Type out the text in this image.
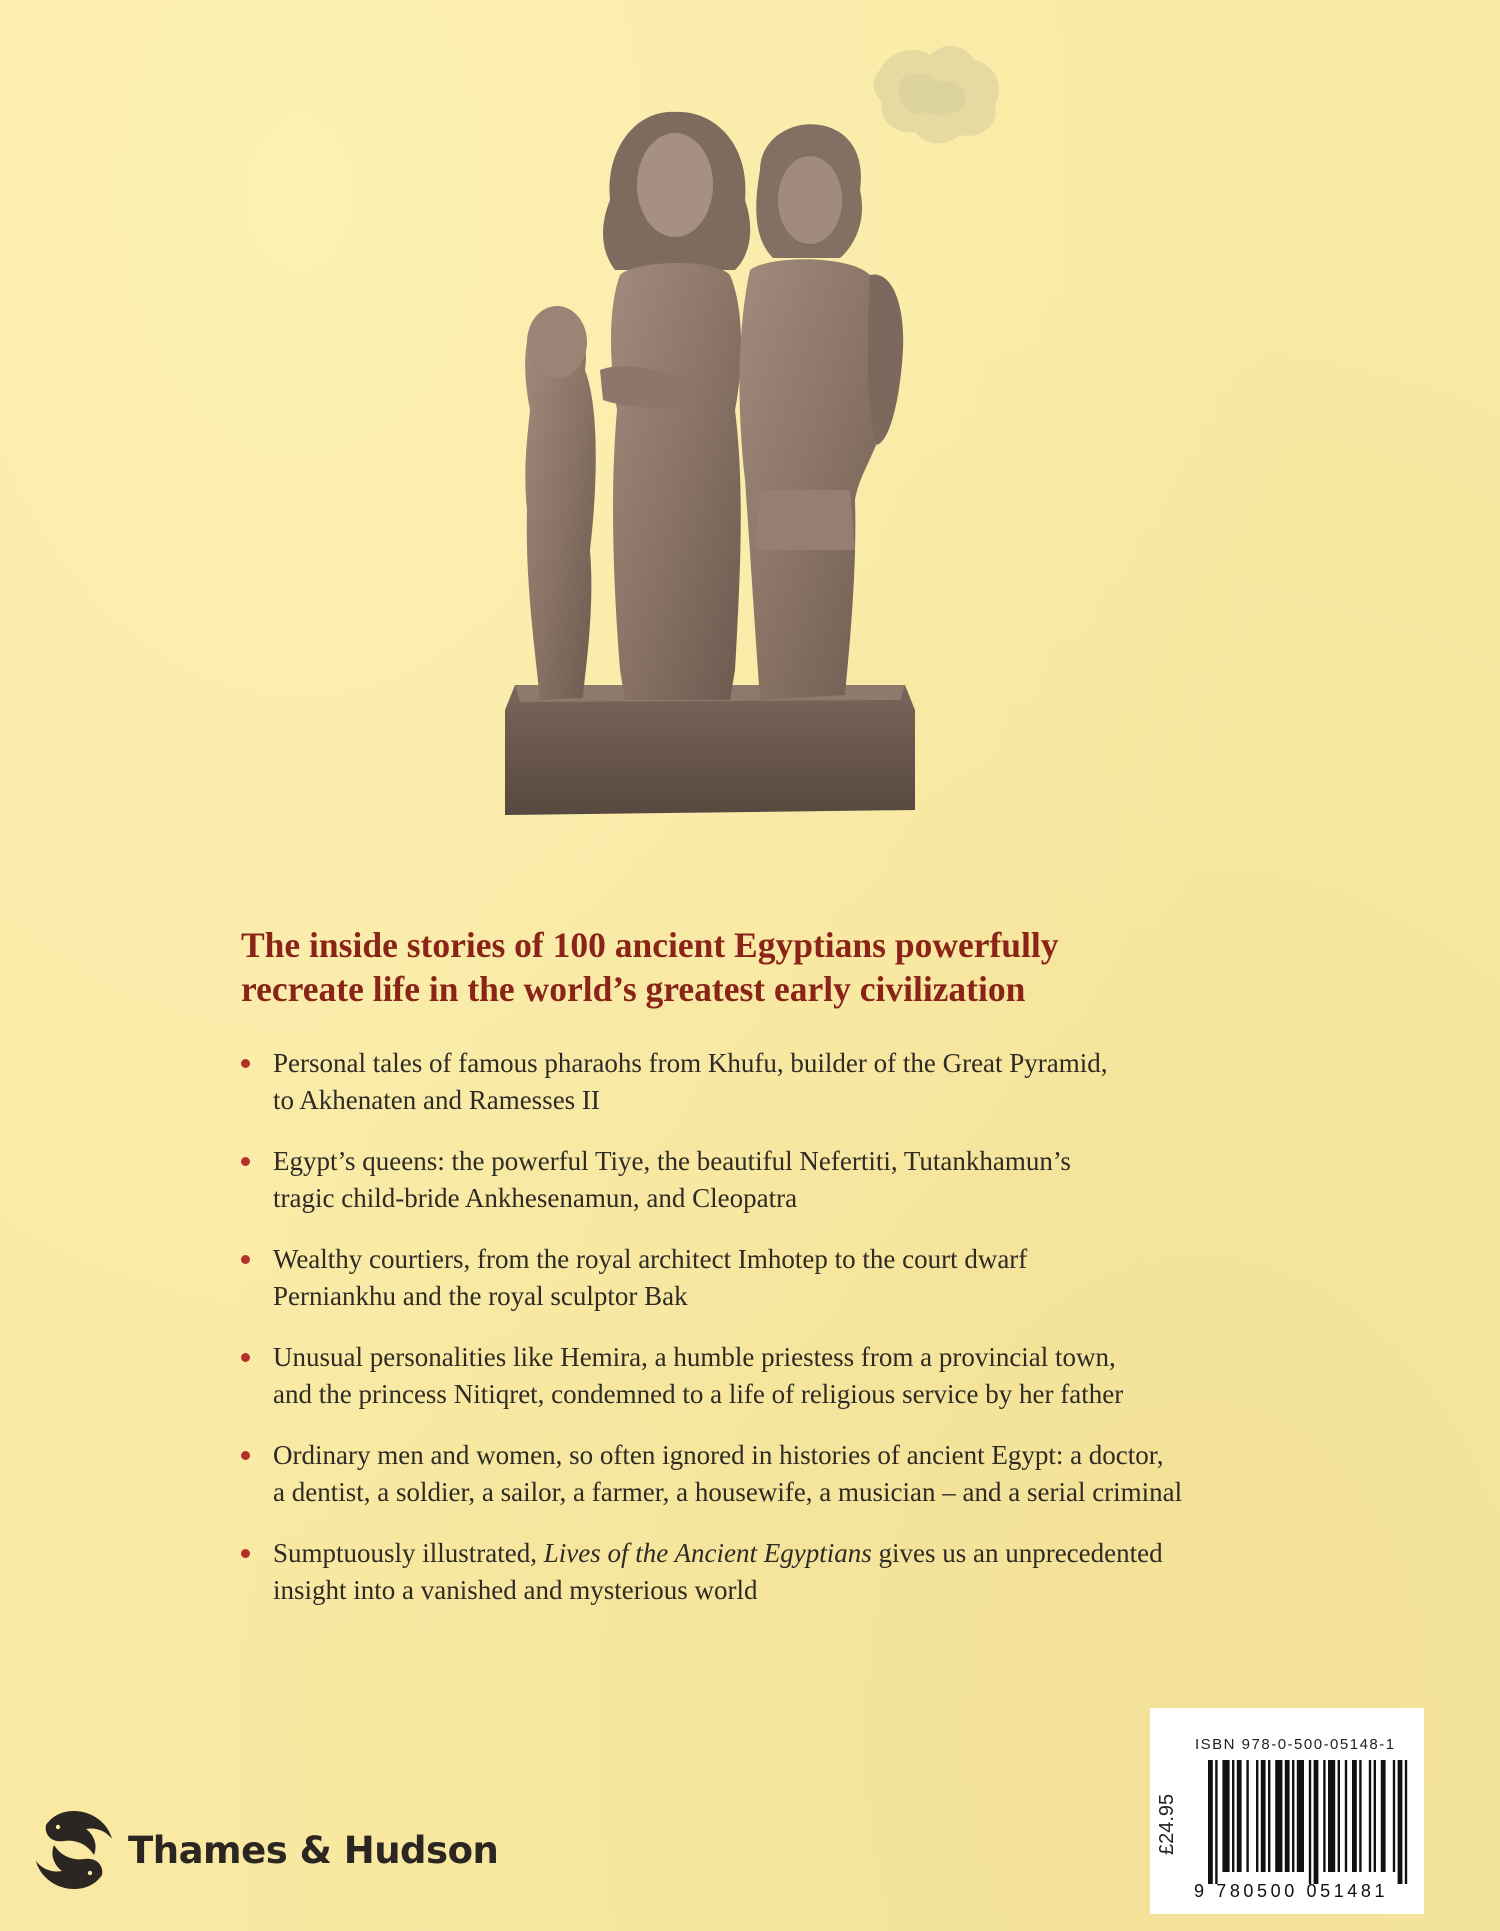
The inside stories of 100 ancient Egyptians powerfully
recreate life in the world’s greatest early civilization
Personal tales of famous pharaohs from Khufu, builder of the Great Pyramid,
to Akhenaten and Ramesses II
Egypt’s queens: the powerful Tiye, the beautiful Nefertiti, Tutankhamun’s
tragic child-bride Ankhesenamun, and Cleopatra
Wealthy courtiers, from the royal architect Imhotep to the court dwarf
Perniankhu and the royal sculptor Bak
Unusual personalities like Hemira, a humble priestess from a provincial town,
and the princess Nitiqret, condemned to a life of religious service by her father
Ordinary men and women, so often ignored in histories of ancient Egypt: a doctor,
a dentist, a soldier, a sailor, a farmer, a housewife, a musician – and a serial criminal
Sumptuously illustrated, Lives of the Ancient Egyptians gives us an unprecedented
insight into a vanished and mysterious world
Thames & Hudson	£24.95
ISBN 978-0-500-05148-1
9 780500 051481
